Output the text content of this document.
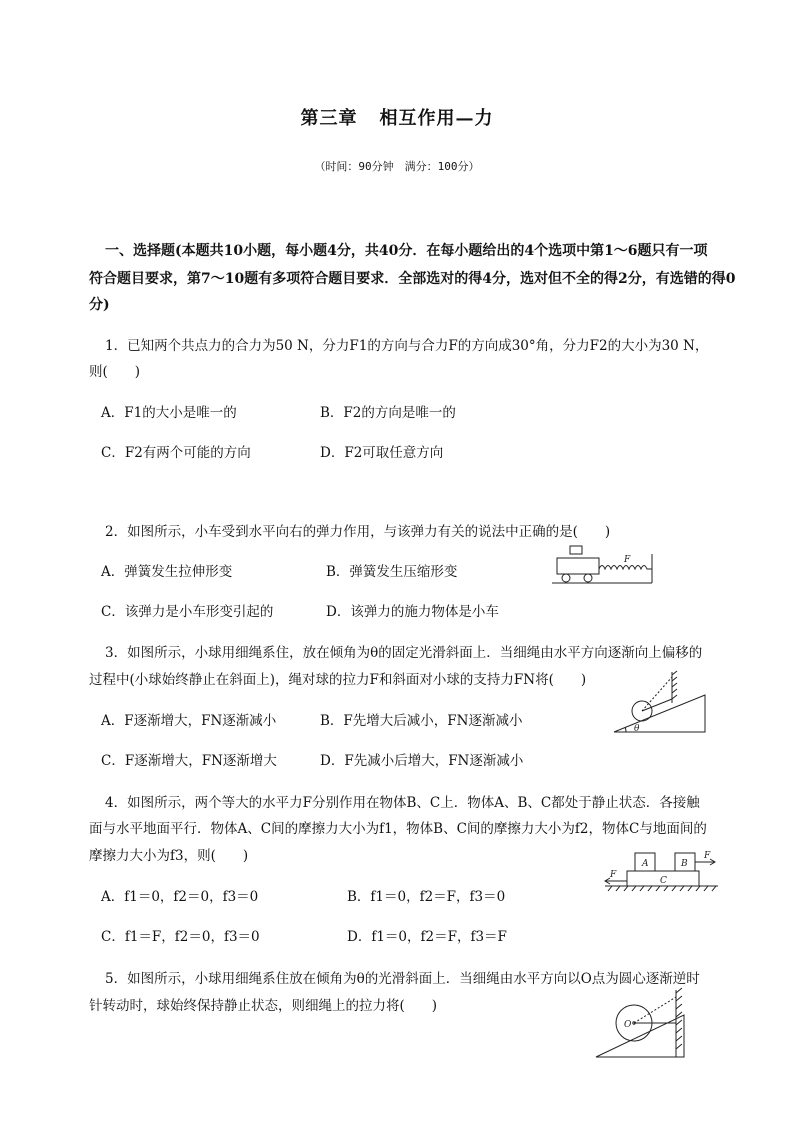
第三章 相互作用—力
（时间：90分钟　满分：100分）
一、选择题(本题共10小题，每小题4分，共40分．在每小题给出的4个选项中第1～6题只有一项
符合题目要求，第7～10题有多项符合题目要求．全部选对的得4分，选对但不全的得2分，有选错的得0
分)
1．已知两个共点力的合力为50 N，分力F1的方向与合力F的方向成30°角，分力F2的大小为30 N，
则(　　)
A．F1的大小是唯一的	B．F2的方向是唯一的
C．F2有两个可能的方向	D．F2可取任意方向
2．如图所示，小车受到水平向右的弹力作用，与该弹力有关的说法中正确的是(　　)
A．弹簧发生拉伸形变	B．弹簧发生压缩形变
C．该弹力是小车形变引起的	D．该弹力的施力物体是小车
F
3．如图所示，小球用细绳系住，放在倾角为θ的固定光滑斜面上．当细绳由水平方向逐渐向上偏移的
过程中(小球始终静止在斜面上)，绳对球的拉力F和斜面对小球的支持力FN将(　　)
A．F逐渐增大，FN逐渐减小	B．F先增大后减小，FN逐渐减小
C．F逐渐增大，FN逐渐增大	D．F先减小后增大，FN逐渐减小
θ
4．如图所示，两个等大的水平力F分别作用在物体B、C上．物体A、B、C都处于静止状态．各接触
面与水平地面平行．物体A、C间的摩擦力大小为f1，物体B、C间的摩擦力大小为f2，物体C与地面间的
摩擦力大小为f3，则(　　)
A．f1＝0，f2＝0，f3＝0	B．f1＝0，f2＝F，f3＝0
C．f1＝F，f2＝0，f3＝0	D．f1＝0，f2＝F，f3＝F
A	B
C
F
F
5．如图所示，小球用细绳系住放在倾角为θ的光滑斜面上．当细绳由水平方向以O点为圆心逐渐逆时
针转动时，球始终保持静止状态，则细绳上的拉力将(　　)
O
